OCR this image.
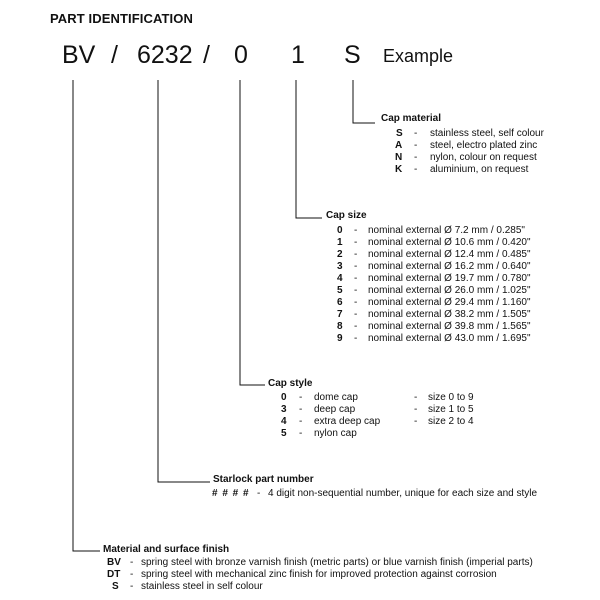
PART IDENTIFICATION
BV / 6232 / 0 1 S Example
Cap material
S - stainless steel, self colour
A - steel, electro plated zinc
N - nylon, colour on request
K - aluminium, on request
Cap size
0 - nominal external Ø 7.2 mm / 0.285"
1 - nominal external Ø 10.6 mm / 0.420"
2 - nominal external Ø 12.4 mm / 0.485"
3 - nominal external Ø 16.2 mm / 0.640"
4 - nominal external Ø 19.7 mm / 0.780"
5 - nominal external Ø 26.0 mm / 1.025"
6 - nominal external Ø 29.4 mm / 1.160"
7 - nominal external Ø 38.2 mm / 1.505"
8 - nominal external Ø 39.8 mm / 1.565"
9 - nominal external Ø 43.0 mm / 1.695"
Cap style
0 - dome cap	- size 0 to 9
3 - deep cap	- size 1 to 5
4 - extra deep cap	- size 2 to 4
5 - nylon cap
Starlock part number
# # # # - 4 digit non-sequential number, unique for each size and style
Material and surface finish
BV - spring steel with bronze varnish finish (metric parts) or blue varnish finish (imperial parts)
DT - spring steel with mechanical zinc finish for improved protection against corrosion
S - stainless steel in self colour
